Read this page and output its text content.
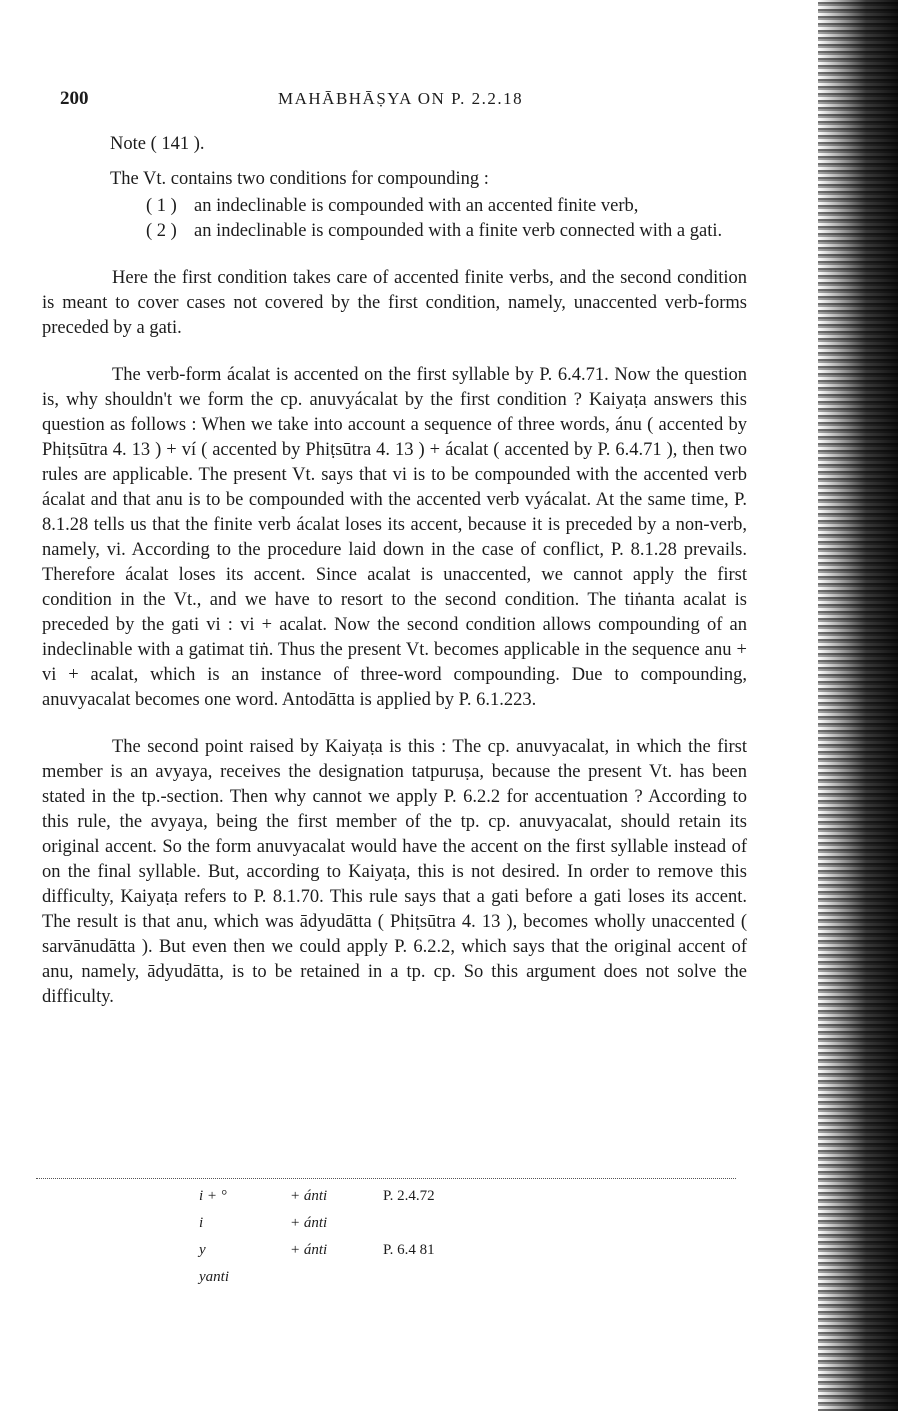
200	MAHĀBHĀṢYA ON P. 2.2.18

Note ( 141 ).

The Vt. contains two conditions for compounding :

( 1 ) an indeclinable is compounded with an accented finite verb,
( 2 ) an indeclinable is compounded with a finite verb connected with a gati.

Here the first condition takes care of accented finite verbs, and the second condition is meant to cover cases not covered by the first condition, namely, unaccented verb-forms preceded by a gati.

The verb-form ácalat is accented on the first syllable by P. 6.4.71. Now the question is, why shouldn't we form the cp. anuvyácalat by the first condition ? Kaiyaṭa answers this question as follows : When we take into account a sequence of three words, ánu ( accented by Phiṭsūtra 4. 13 ) + ví ( accented by Phiṭsūtra 4. 13 ) + ácalat ( accented by P. 6.4.71 ), then two rules are applicable. The present Vt. says that vi is to be compounded with the accented verb ácalat and that anu is to be compounded with the accented verb vyácalat. At the same time, P. 8.1.28 tells us that the finite verb ácalat loses its accent, because it is preceded by a non-verb, namely, vi. According to the procedure laid down in the case of conflict, P. 8.1.28 prevails. Therefore ácalat loses its accent. Since acalat is unaccented, we cannot apply the first condition in the Vt., and we have to resort to the second condition. The tiṅanta acalat is preceded by the gati vi : vi + acalat. Now the second condition allows compounding of an indeclinable with a gatimat tiṅ. Thus the present Vt. becomes applicable in the sequence anu + vi + acalat, which is an instance of three-word compounding. Due to compounding, anuvyacalat becomes one word. Antodātta is applied by P. 6.1.223.

The second point raised by Kaiyaṭa is this : The cp. anuvyacalat, in which the first member is an avyaya, receives the designation tatpuruṣa, because the present Vt. has been stated in the tp.-section. Then why cannot we apply P. 6.2.2 for accentuation ? According to this rule, the avyaya, being the first member of the tp. cp. anuvyacalat, should retain its original accent. So the form anuvyacalat would have the accent on the first syllable instead of on the final syllable. But, according to Kaiyaṭa, this is not desired. In order to remove this difficulty, Kaiyaṭa refers to P. 8.1.70. This rule says that a gati before a gati loses its accent. The result is that anu, which was ādyudātta ( Phiṭsūtra 4. 13 ), becomes wholly unaccented ( sarvānudātta ). But even then we could apply P. 6.2.2, which says that the original accent of anu, namely, ādyudātta, is to be retained in a tp. cp. So this argument does not solve the difficulty.

i + °	+ ánti	P. 2.4.72
i	+ ánti
y	+ ánti	P. 6.4 81
yanti
